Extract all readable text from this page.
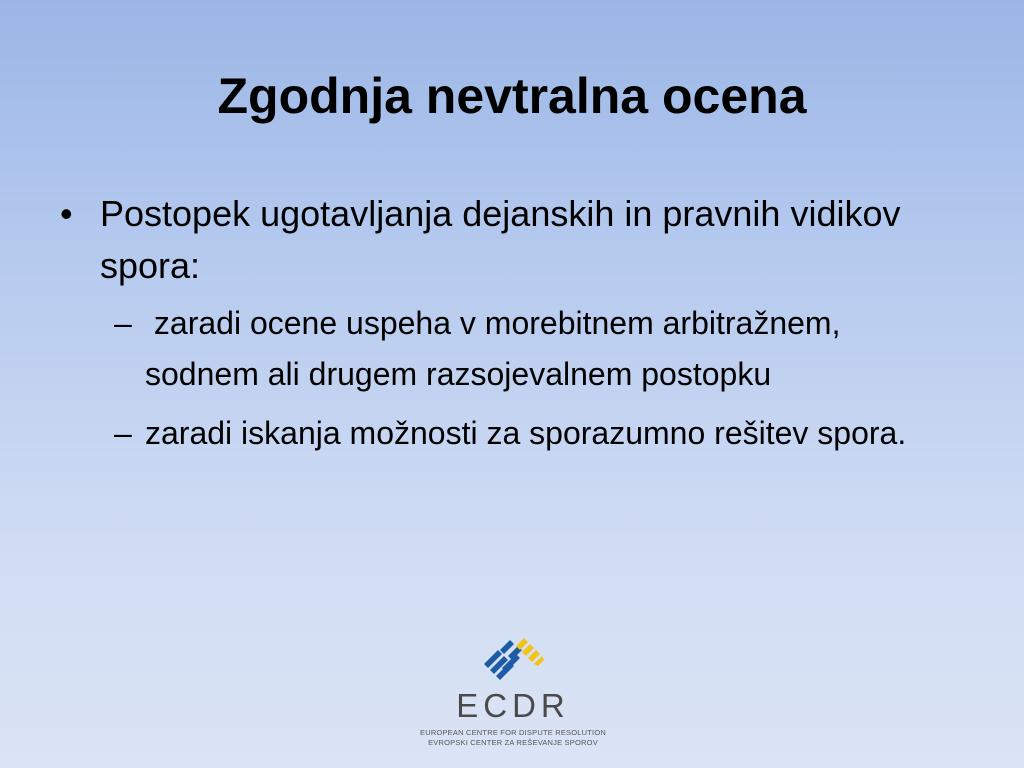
Zgodnja nevtralna ocena
• Postopek ugotavljanja dejanskih in pravnih vidikov spora:
– zaradi ocene uspeha v morebitnem arbitražnem, sodnem ali drugem razsojevalnem postopku
– zaradi iskanja možnosti za sporazumno rešitev spora.
ECDR
EUROPEAN CENTRE FOR DISPUTE RESOLUTION
EVROPSKI CENTER ZA REŠEVANJE SPOROV
